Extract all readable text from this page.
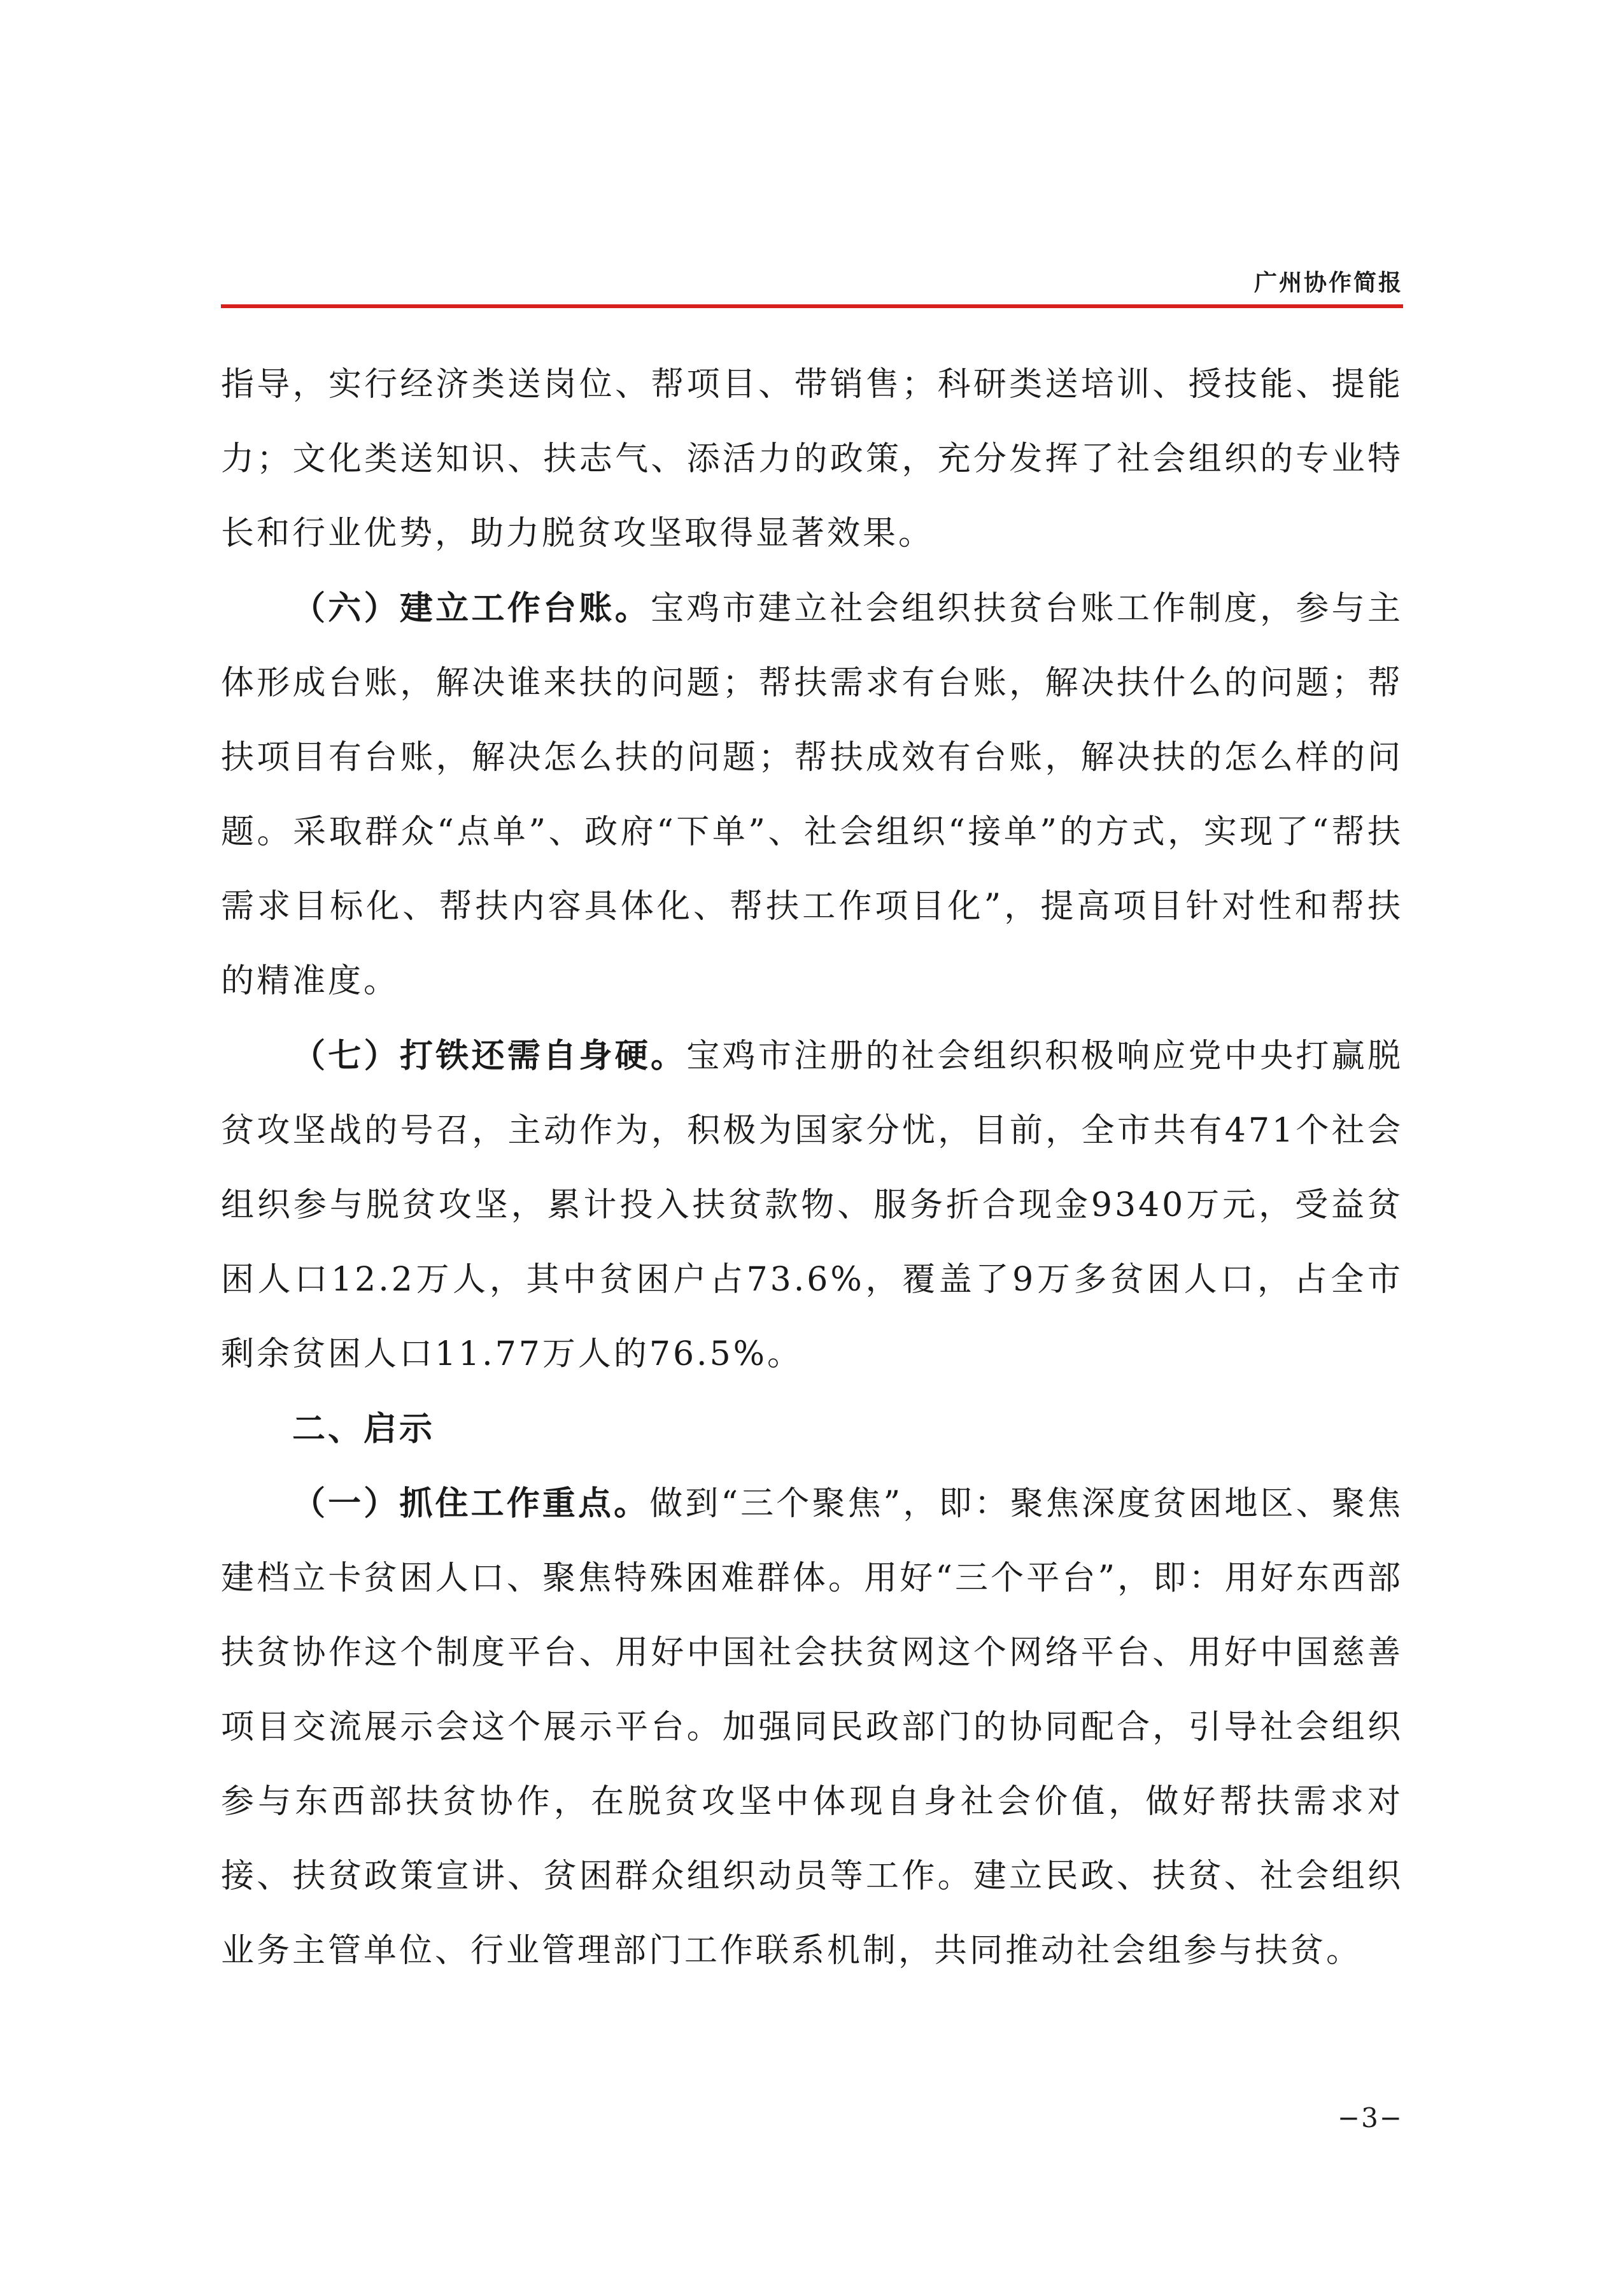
广州协作简报

指导，实行经济类送岗位、帮项目、带销售；科研类送培训、授技能、提能力；文化类送知识、扶志气、添活力的政策，充分发挥了社会组织的专业特长和行业优势，助力脱贫攻坚取得显著效果。

（六）建立工作台账。宝鸡市建立社会组织扶贫台账工作制度，参与主体形成台账，解决谁来扶的问题；帮扶需求有台账，解决扶什么的问题；帮扶项目有台账，解决怎么扶的问题；帮扶成效有台账，解决扶的怎么样的问题。采取群众“点单”、政府“下单”、社会组织“接单”的方式，实现了“帮扶需求目标化、帮扶内容具体化、帮扶工作项目化”，提高项目针对性和帮扶的精准度。

（七）打铁还需自身硬。宝鸡市注册的社会组织积极响应党中央打赢脱贫攻坚战的号召，主动作为，积极为国家分忧，目前，全市共有471个社会组织参与脱贫攻坚，累计投入扶贫款物、服务折合现金9340万元，受益贫困人口12.2万人，其中贫困户占73.6%，覆盖了9万多贫困人口，占全市剩余贫困人口11.77万人的76.5%。

二、启示

（一）抓住工作重点。做到“三个聚焦”，即：聚焦深度贫困地区、聚焦建档立卡贫困人口、聚焦特殊困难群体。用好“三个平台”，即：用好东西部扶贫协作这个制度平台、用好中国社会扶贫网这个网络平台、用好中国慈善项目交流展示会这个展示平台。加强同民政部门的协同配合，引导社会组织参与东西部扶贫协作，在脱贫攻坚中体现自身社会价值，做好帮扶需求对接、扶贫政策宣讲、贫困群众组织动员等工作。建立民政、扶贫、社会组织业务主管单位、行业管理部门工作联系机制，共同推动社会组参与扶贫。

−3−
